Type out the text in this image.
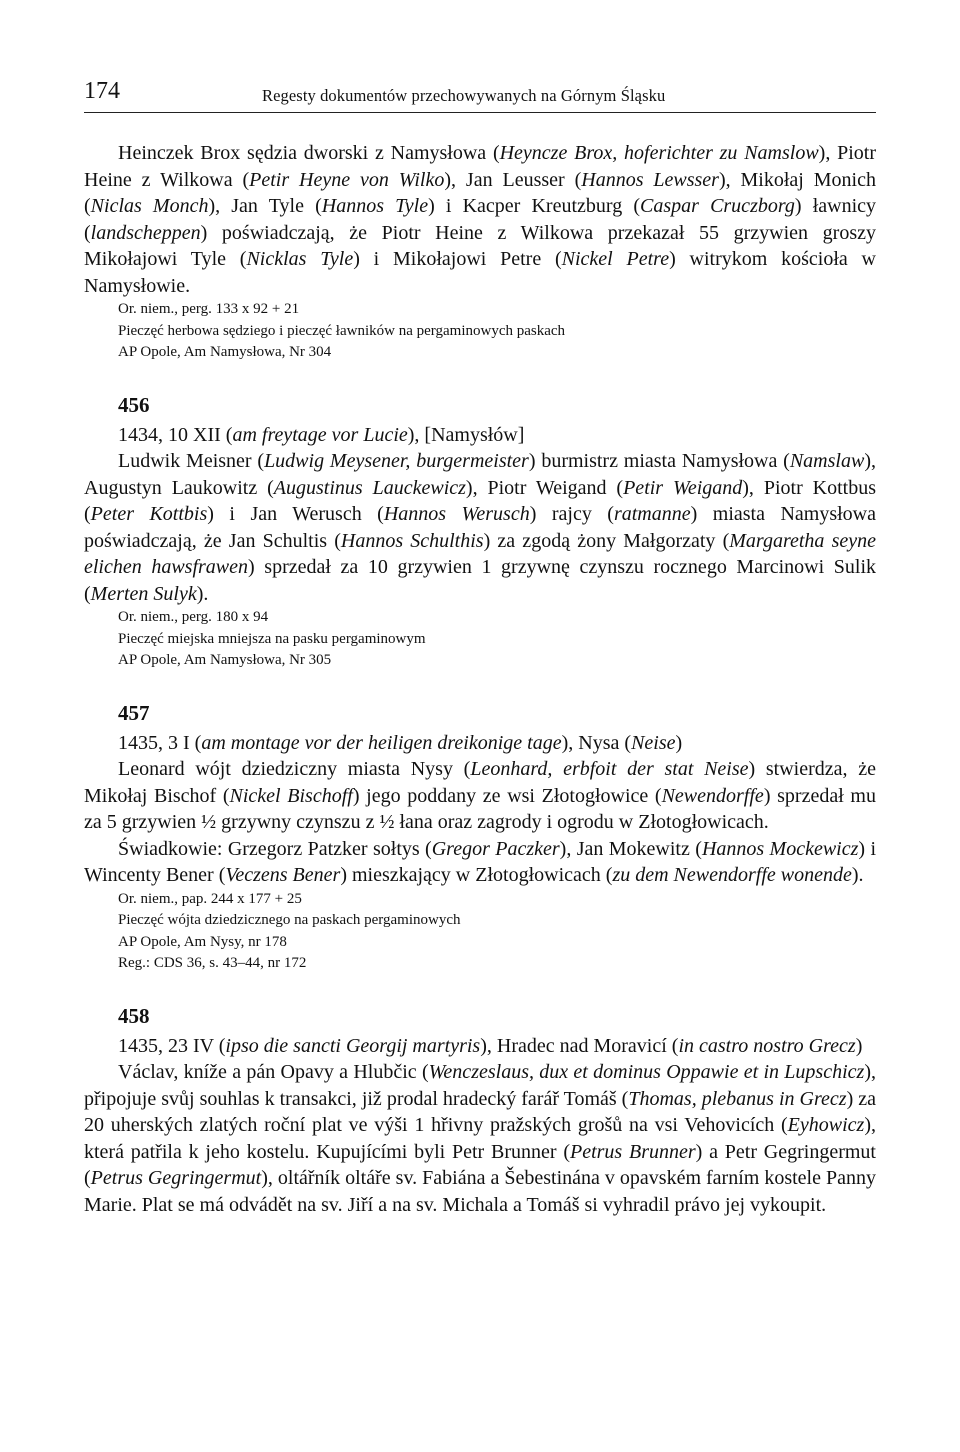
174	Regesty dokumentów przechowywanych na Górnym Śląsku

Heinczek Brox sędzia dworski z Namysłowa (Heyncze Brox, hoferichter zu Namslow), Piotr Heine z Wilkowa (Petir Heyne von Wilko), Jan Leusser (Hannos Lewsser), Mikołaj Monich (Niclas Monch), Jan Tyle (Hannos Tyle) i Kacper Kreutzburg (Caspar Cruczborg) ławnicy (landscheppen) poświadczają, że Piotr Heine z Wilkowa przekazał 55 grzywien groszy Mikołajowi Tyle (Nicklas Tyle) i Mikołajowi Petre (Nickel Petre) witrykom kościoła w Namysłowie.

Or. niem., perg. 133 x 92 + 21
Pieczęć herbowa sędziego i pieczęć ławników na pergaminowych paskach
AP Opole, Am Namysłowa, Nr 304
456

1434, 10 XII (am freytage vor Lucie), [Namysłów]

Ludwik Meisner (Ludwig Meysener, burgermeister) burmistrz miasta Namysłowa (Namslaw), Augustyn Laukowitz (Augustinus Lauckewicz), Piotr Weigand (Petir Weigand), Piotr Kottbus (Peter Kottbis) i Jan Werusch (Hannos Werusch) rajcy (ratmanne) miasta Namysłowa poświadczają, że Jan Schultis (Hannos Schulthis) za zgodą żony Małgorzaty (Margaretha seyne elichen hawsfrawen) sprzedał za 10 grzywien 1 grzywnę czynszu rocznego Marcinowi Sulik (Merten Sulyk).

Or. niem., perg. 180 x 94
Pieczęć miejska mniejsza na pasku pergaminowym
AP Opole, Am Namysłowa, Nr 305
457

1435, 3 I (am montage vor der heiligen dreikonige tage), Nysa (Neise)

Leonard wójt dziedziczny miasta Nysy (Leonhard, erbfoit der stat Neise) stwierdza, że Mikołaj Bischof (Nickel Bischoff) jego poddany ze wsi Złotogłowice (Newendorffe) sprzedał mu za 5 grzywien ½ grzywny czynszu z ½ łana oraz zagrody i ogrodu w Złotogłowicach.

Świadkowie: Grzegorz Patzker sołtys (Gregor Paczker), Jan Mokewitz (Hannos Mockewicz) i Wincenty Bener (Veczens Bener) mieszkający w Złotogłowicach (zu dem Newendorffe wonende).

Or. niem., pap. 244 x 177 + 25
Pieczęć wójta dziedzicznego na paskach pergaminowych
AP Opole, Am Nysy, nr 178
Reg.: CDS 36, s. 43–44, nr 172
458

1435, 23 IV (ipso die sancti Georgij martyris), Hradec nad Moravicí (in castro nostro Grecz)

Václav, kníže a pán Opavy a Hlubčic (Wenczeslaus, dux et dominus Oppawie et in Lupschicz), připojuje svůj souhlas k transakci, již prodal hradecký farář Tomáš (Thomas, plebanus in Grecz) za 20 uherských zlatých roční plat ve výši 1 hřivny pražských grošů na vsi Vehovicích (Eyhowicz), která patřila k jeho kostelu. Kupujícími byli Petr Brunner (Petrus Brunner) a Petr Gegringermut (Petrus Gegringermut), oltářník oltáře sv. Fabiána a Šebestinána v opavském farním kostele Panny Marie. Plat se má odvádět na sv. Jiří a na sv. Michala a Tomáš si vyhradil právo jej vykoupit.
